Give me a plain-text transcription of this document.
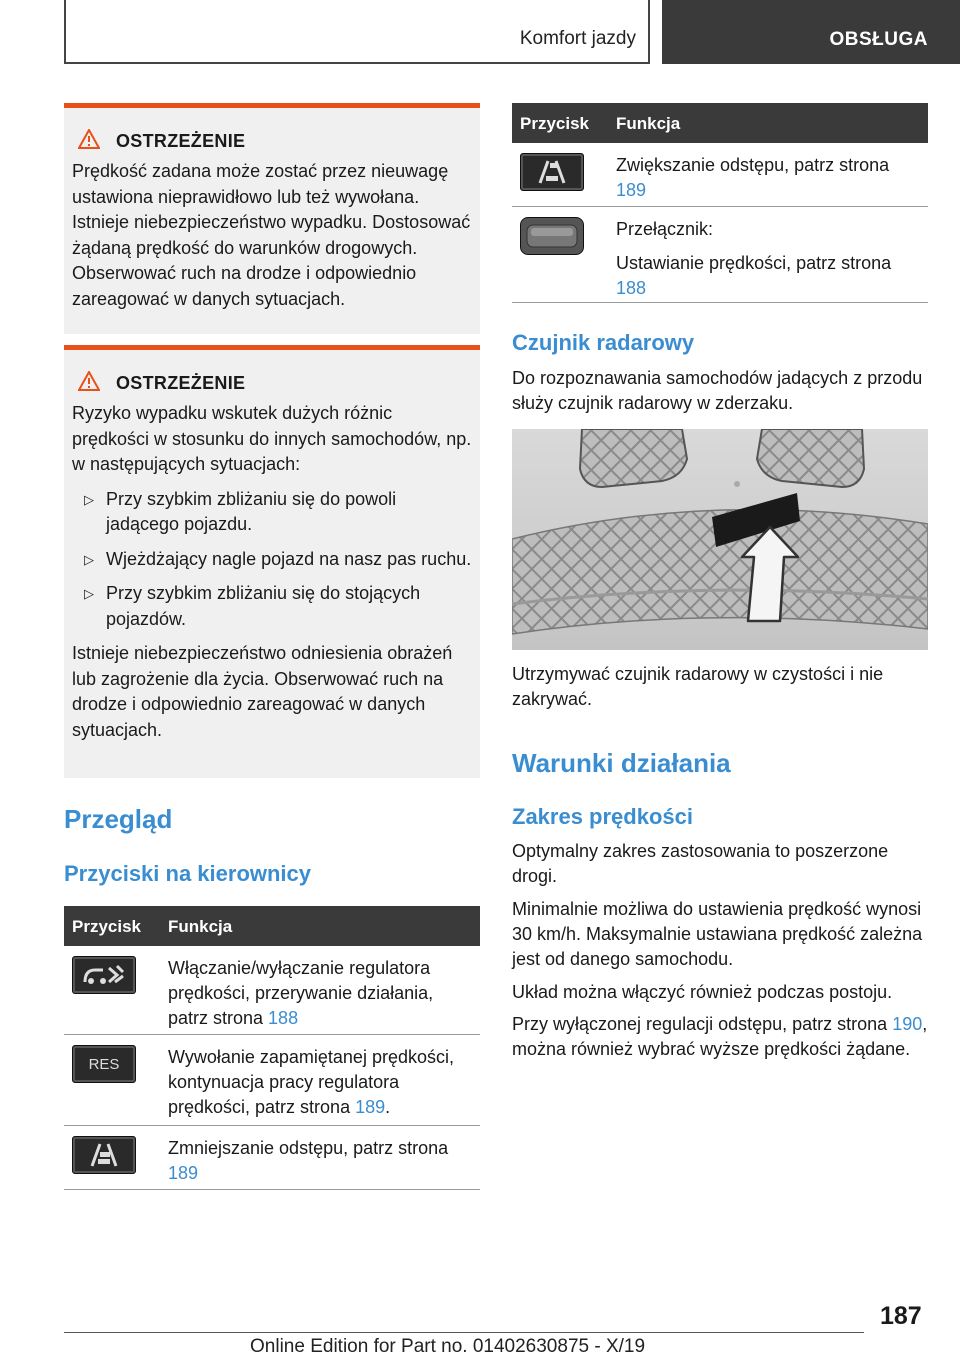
Komfort jazdy	OBSŁUGA
OSTRZEŻENIE

Prędkość zadana może zostać przez nieuwagę ustawiona nieprawidłowo lub też wywołana. Istnieje niebezpieczeństwo wypadku. Dostosować żądaną prędkość do warunków drogowych. Obserwować ruch na drodze i odpowiednio zareagować w danych sytuacjach.

OSTRZEŻENIE

Ryzyko wypadku wskutek dużych różnic prędkości w stosunku do innych samochodów, np. w następujących sytuacjach:

▷ Przy szybkim zbliżaniu się do powoli jadącego pojazdu.
▷ Wjeżdżający nagle pojazd na nasz pas ruchu.
▷ Przy szybkim zbliżaniu się do stojących pojazdów.

Istnieje niebezpieczeństwo odniesienia obrażeń lub zagrożenie dla życia. Obserwować ruch na drodze i odpowiednio zareagować w danych sytuacjach.

Przegląd
Przyciski na kierownicy
Przycisk Funkcja
Włączanie/wyłączanie regulatora prędkości, przerywanie działania, patrz strona 188
RES	Wywołanie zapamiętanej prędkości, kontynuacja pracy regulatora prędkości, patrz strona 189.
Zmniejszanie odstępu, patrz strona 189
Przycisk Funkcja
Zwiększanie odstępu, patrz strona 189
Przełącznik:
Ustawianie prędkości, patrz strona 188
Czujnik radarowy
Do rozpoznawania samochodów jadących z przodu służy czujnik radarowy w zderzaku.
Utrzymywać czujnik radarowy w czystości i nie zakrywać.
Warunki działania
Zakres prędkości
Optymalny zakres zastosowania to poszerzone drogi.
Minimalnie możliwa do ustawienia prędkość wynosi 30 km/h. Maksymalnie ustawiana prędkość zależna jest od danego samochodu.
Układ można włączyć również podczas postoju.
Przy wyłączonej regulacji odstępu, patrz strona 190, można również wybrać wyższe prędkości żądane.
187
Online Edition for Part no. 01402630875 - X/19
